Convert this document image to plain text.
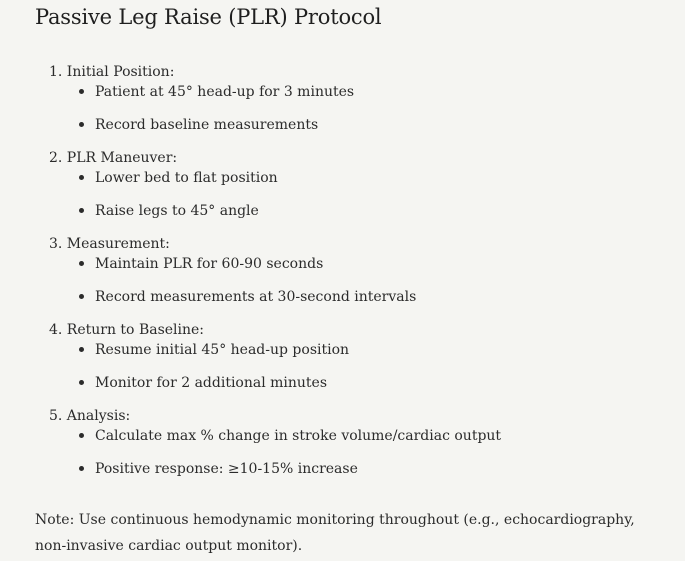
Passive Leg Raise (PLR) Protocol
1. Initial Position:
Patient at 45° head-up for 3 minutes
Record baseline measurements
2. PLR Maneuver:
Lower bed to flat position
Raise legs to 45° angle
3. Measurement:
Maintain PLR for 60-90 seconds
Record measurements at 30-second intervals
4. Return to Baseline:
Resume initial 45° head-up position
Monitor for 2 additional minutes
5. Analysis:
Calculate max % change in stroke volume/cardiac output
Positive response: ≥10-15% increase

Note: Use continuous hemodynamic monitoring throughout (e.g., echocardiography, non-invasive cardiac output monitor).
